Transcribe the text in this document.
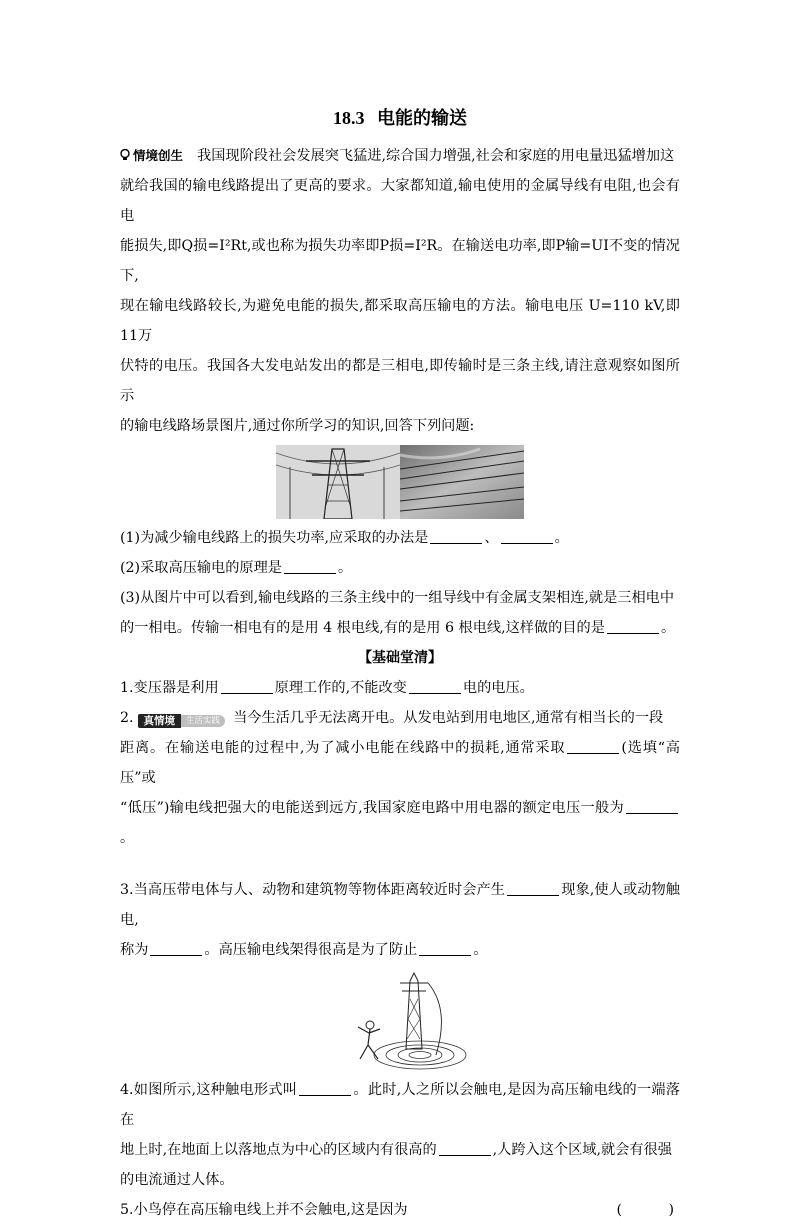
18.3 电能的输送

情境创生 我国现阶段社会发展突飞猛进,综合国力增强,社会和家庭的用电量迅猛增加这
就给我国的输电线路提出了更高的要求。大家都知道,输电使用的金属导线有电阻,也会有电
能损失,即Q损=I²Rt,或也称为损失功率即P损=I²R。在输送电功率,即P输=UI不变的情况下,
现在输电线路较长,为避免电能的损失,都采取高压输电的方法。输电电压 U=110 kV,即11万
伏特的电压。我国各大发电站发出的都是三相电,即传输时是三条主线,请注意观察如图所示
的输电线路场景图片,通过你所学习的知识,回答下列问题:

(1)为减少输电线路上的损失功率,应采取的办法是	、	。

(2)采取高压输电的原理是	。

(3)从图片中可以看到,输电线路的三条主线中的一组导线中有金属支架相连,就是三相电中
的一相电。传输一相电有的是用 4 根电线,有的是用 6 根电线,这样做的目的是	。

【基础堂清】

1.变压器是利用	原理工作的,不能改变	电的电压。

2. 真情境	生活实践 当今生活几乎无法离开电。从发电站到用电地区,通常有相当长的一段
距离。在输送电能的过程中,为了减小电能在线路中的损耗,通常采取	(选填“高压”或
“低压”)输电线把强大的电能送到远方,我国家庭电路中用电器的额定电压一般为。

3.当高压带电体与人、动物和建筑物等物体距离较近时会产生	现象,使人或动物触电,
称为	。高压输电线架得很高是为了防止	。

4.如图所示,这种触电形式叫	。此时,人之所以会触电,是因为高压输电线的一端落在
地上时,在地面上以落地点为中心的区域内有很高的	,人跨入这个区域,就会有很强
的电流通过人体。

5.小鸟停在高压输电线上并不会触电,这是因为	(　　)
